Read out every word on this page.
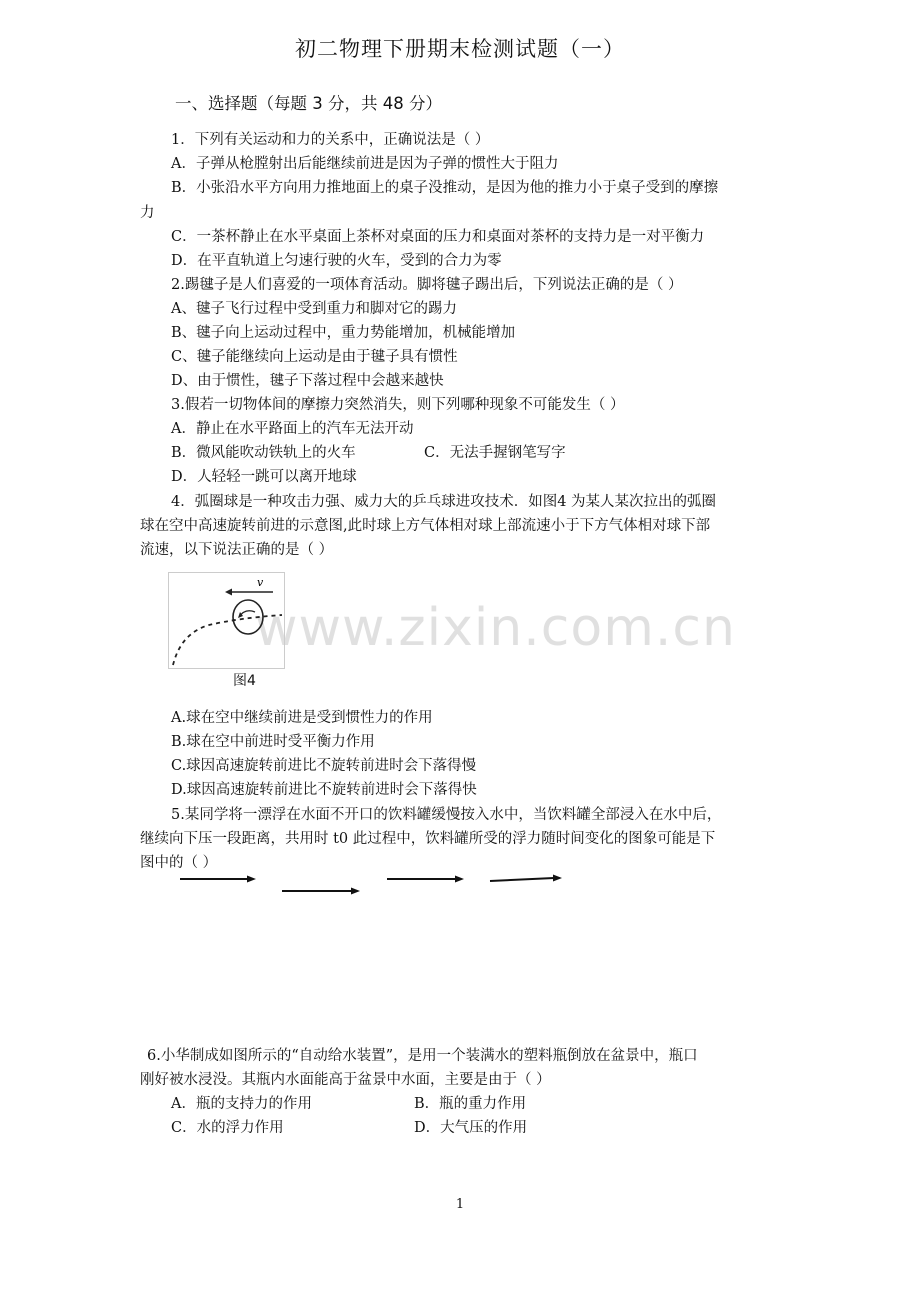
初二物理下册期末检测试题（一）
一、选择题（每题 3 分，共 48 分）
1．下列有关运动和力的关系中，正确说法是（ ）
A．子弹从枪膛射出后能继续前进是因为子弹的惯性大于阻力
B．小张沿水平方向用力推地面上的桌子没推动，是因为他的推力小于桌子受到的摩擦
力
C．一茶杯静止在水平桌面上茶杯对桌面的压力和桌面对茶杯的支持力是一对平衡力
D．在平直轨道上匀速行驶的火车，受到的合力为零
2.踢毽子是人们喜爱的一项体育活动。脚将毽子踢出后，下列说法正确的是（ ）
A、毽子飞行过程中受到重力和脚对它的踢力
B、毽子向上运动过程中，重力势能增加，机械能增加
C、毽子能继续向上运动是由于毽子具有惯性
D、由于惯性，毽子下落过程中会越来越快
3.假若一切物体间的摩擦力突然消失，则下列哪种现象不可能发生（ ）
A．静止在水平路面上的汽车无法开动
B．微风能吹动铁轨上的火车	C．无法手握钢笔写字
D．人轻轻一跳可以离开地球
4．弧圈球是一种攻击力强、威力大的乒乓球进攻技术．如图4 为某人某次拉出的弧圈
球在空中高速旋转前进的示意图,此时球上方气体相对球上部流速小于下方气体相对球下部
流速，以下说法正确的是（ ）
www.zixin.com.cn
v
图4
A.球在空中继续前进是受到惯性力的作用
B.球在空中前进时受平衡力作用
C.球因高速旋转前进比不旋转前进时会下落得慢
D.球因高速旋转前进比不旋转前进时会下落得快
5.某同学将一漂浮在水面不开口的饮料罐缓慢按入水中，当饮料罐全部浸入在水中后，
继续向下压一段距离，共用时 t0 此过程中，饮料罐所受的浮力随时间变化的图象可能是下
图中的（ ）
6.小华制成如图所示的“自动给水装置”，是用一个装满水的塑料瓶倒放在盆景中，瓶口
刚好被水浸没。其瓶内水面能高于盆景中水面，主要是由于（ ）
A．瓶的支持力的作用	B．瓶的重力作用
C．水的浮力作用	D．大气压的作用
1
